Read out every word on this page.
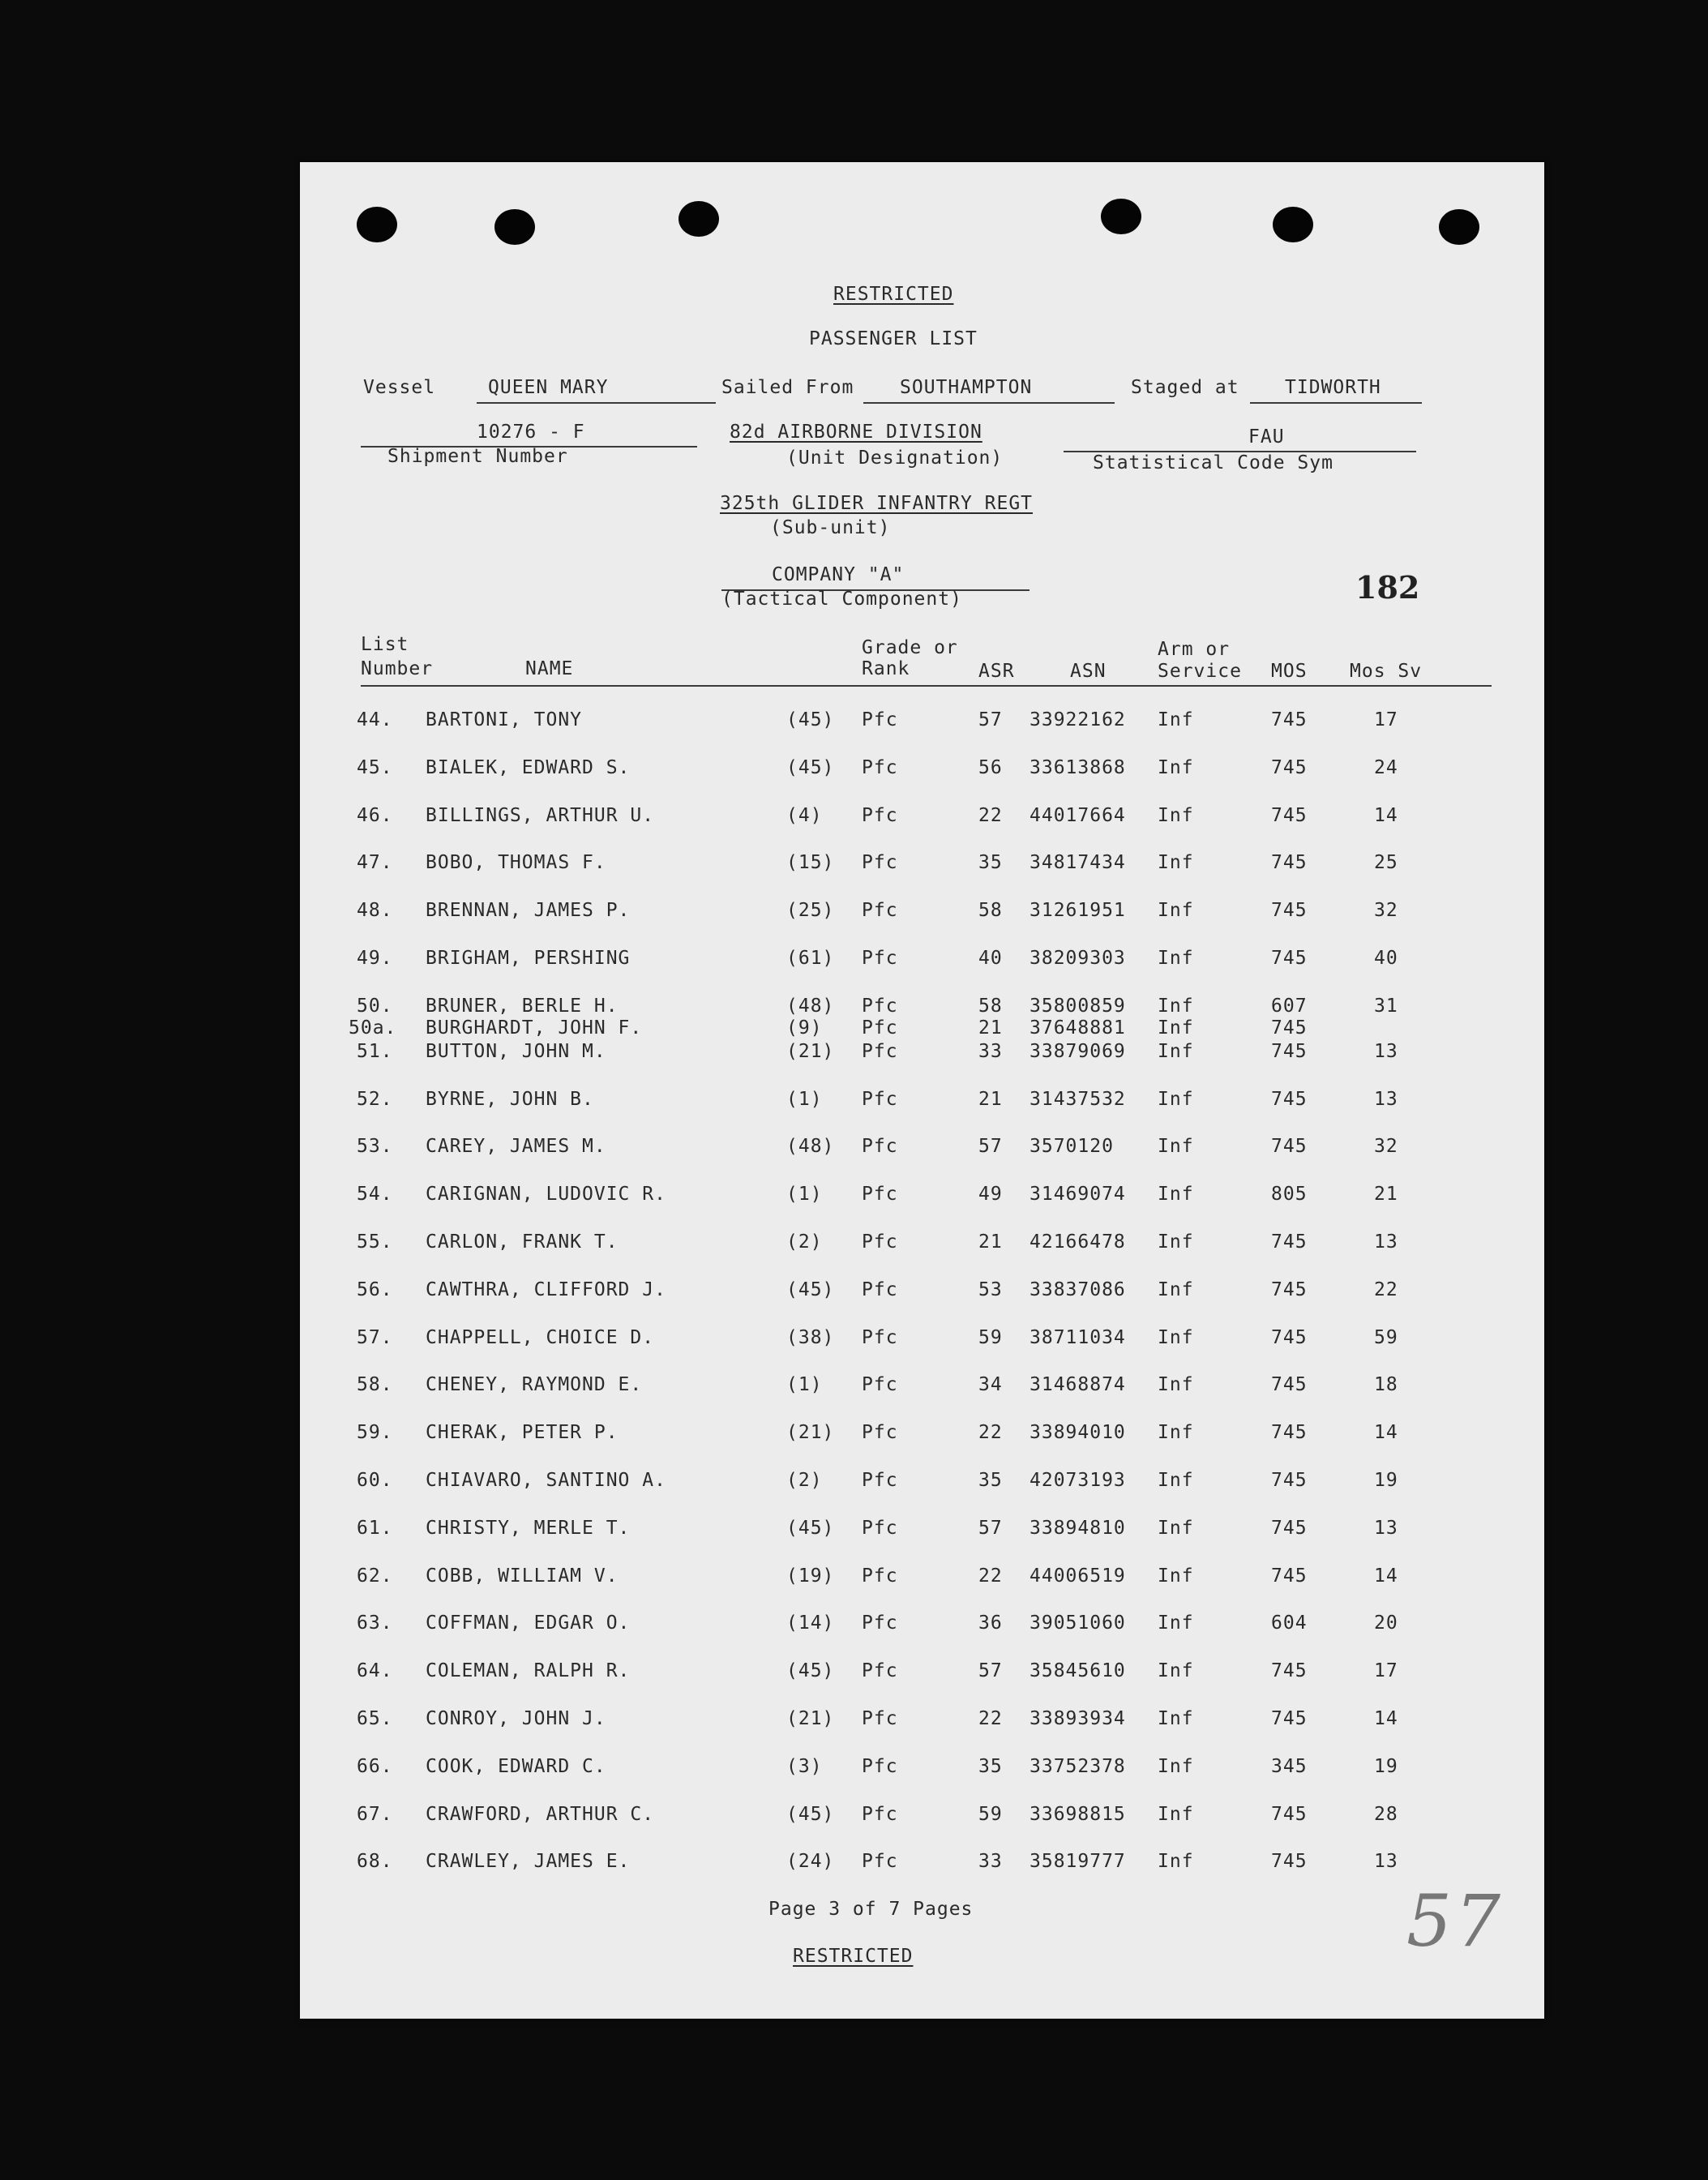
RESTRICTED
PASSENGER LIST
Vessel	QUEEN MARY	Sailed From SOUTHAMPTON	Staged at TIDWORTH
10276 - F
Shipment Number
82d AIRBORNE DIVISION
(Unit Designation)
FAU
Statistical Code Sym
325th GLIDER INFANTRY REGT
(Sub-unit)
COMPANY "A"
(Tactical Component)	182
List
Number	NAME
Grade or
Rank	ASR	ASN
Arm or
Service MOS Mos Sv
44. BARTONI, TONY	(45) Pfc	57 33922162 Inf	745	17
45. BIALEK, EDWARD S.	(45) Pfc	56 33613868 Inf	745	24
46. BILLINGS, ARTHUR U.	(4) Pfc	22 44017664 Inf	745	14
47. BOBO, THOMAS F.	(15) Pfc	35 34817434 Inf	745	25
48. BRENNAN, JAMES P.	(25) Pfc	58 31261951 Inf	745	32
49. BRIGHAM, PERSHING	(61) Pfc	40 38209303 Inf	745	40
50. BRUNER, BERLE H.	(48) Pfc	58 35800859 Inf	607	31
50a. BURGHARDT, JOHN F.	(9) Pfc	21 37648881 Inf	745
51. BUTTON, JOHN M.	(21) Pfc	33 33879069 Inf	745	13
52. BYRNE, JOHN B.	(1) Pfc	21 31437532 Inf	745	13
53. CAREY, JAMES M.	(48) Pfc	57 3570120 Inf	745	32
54. CARIGNAN, LUDOVIC R.	(1) Pfc	49 31469074 Inf	805	21
55. CARLON, FRANK T.	(2) Pfc	21 42166478 Inf	745	13
56. CAWTHRA, CLIFFORD J.	(45) Pfc	53 33837086 Inf	745	22
57. CHAPPELL, CHOICE D.	(38) Pfc	59 38711034 Inf	745	59
58. CHENEY, RAYMOND E.	(1) Pfc	34 31468874 Inf	745	18
59. CHERAK, PETER P.	(21) Pfc	22 33894010 Inf	745	14
60. CHIAVARO, SANTINO A.	(2) Pfc	35 42073193 Inf	745	19
61. CHRISTY, MERLE T.	(45) Pfc	57 33894810 Inf	745	13
62. COBB, WILLIAM V.	(19) Pfc	22 44006519 Inf	745	14
63. COFFMAN, EDGAR O.	(14) Pfc	36 39051060 Inf	604	20
64. COLEMAN, RALPH R.	(45) Pfc	57 35845610 Inf	745	17
65. CONROY, JOHN J.	(21) Pfc	22 33893934 Inf	745	14
66. COOK, EDWARD C.	(3) Pfc	35 33752378 Inf	345	19
67. CRAWFORD, ARTHUR C.	(45) Pfc	59 33698815 Inf	745	28
68. CRAWLEY, JAMES E.	(24) Pfc	33 35819777 Inf	745	13
Page 3 of 7 Pages
RESTRICTED	57
